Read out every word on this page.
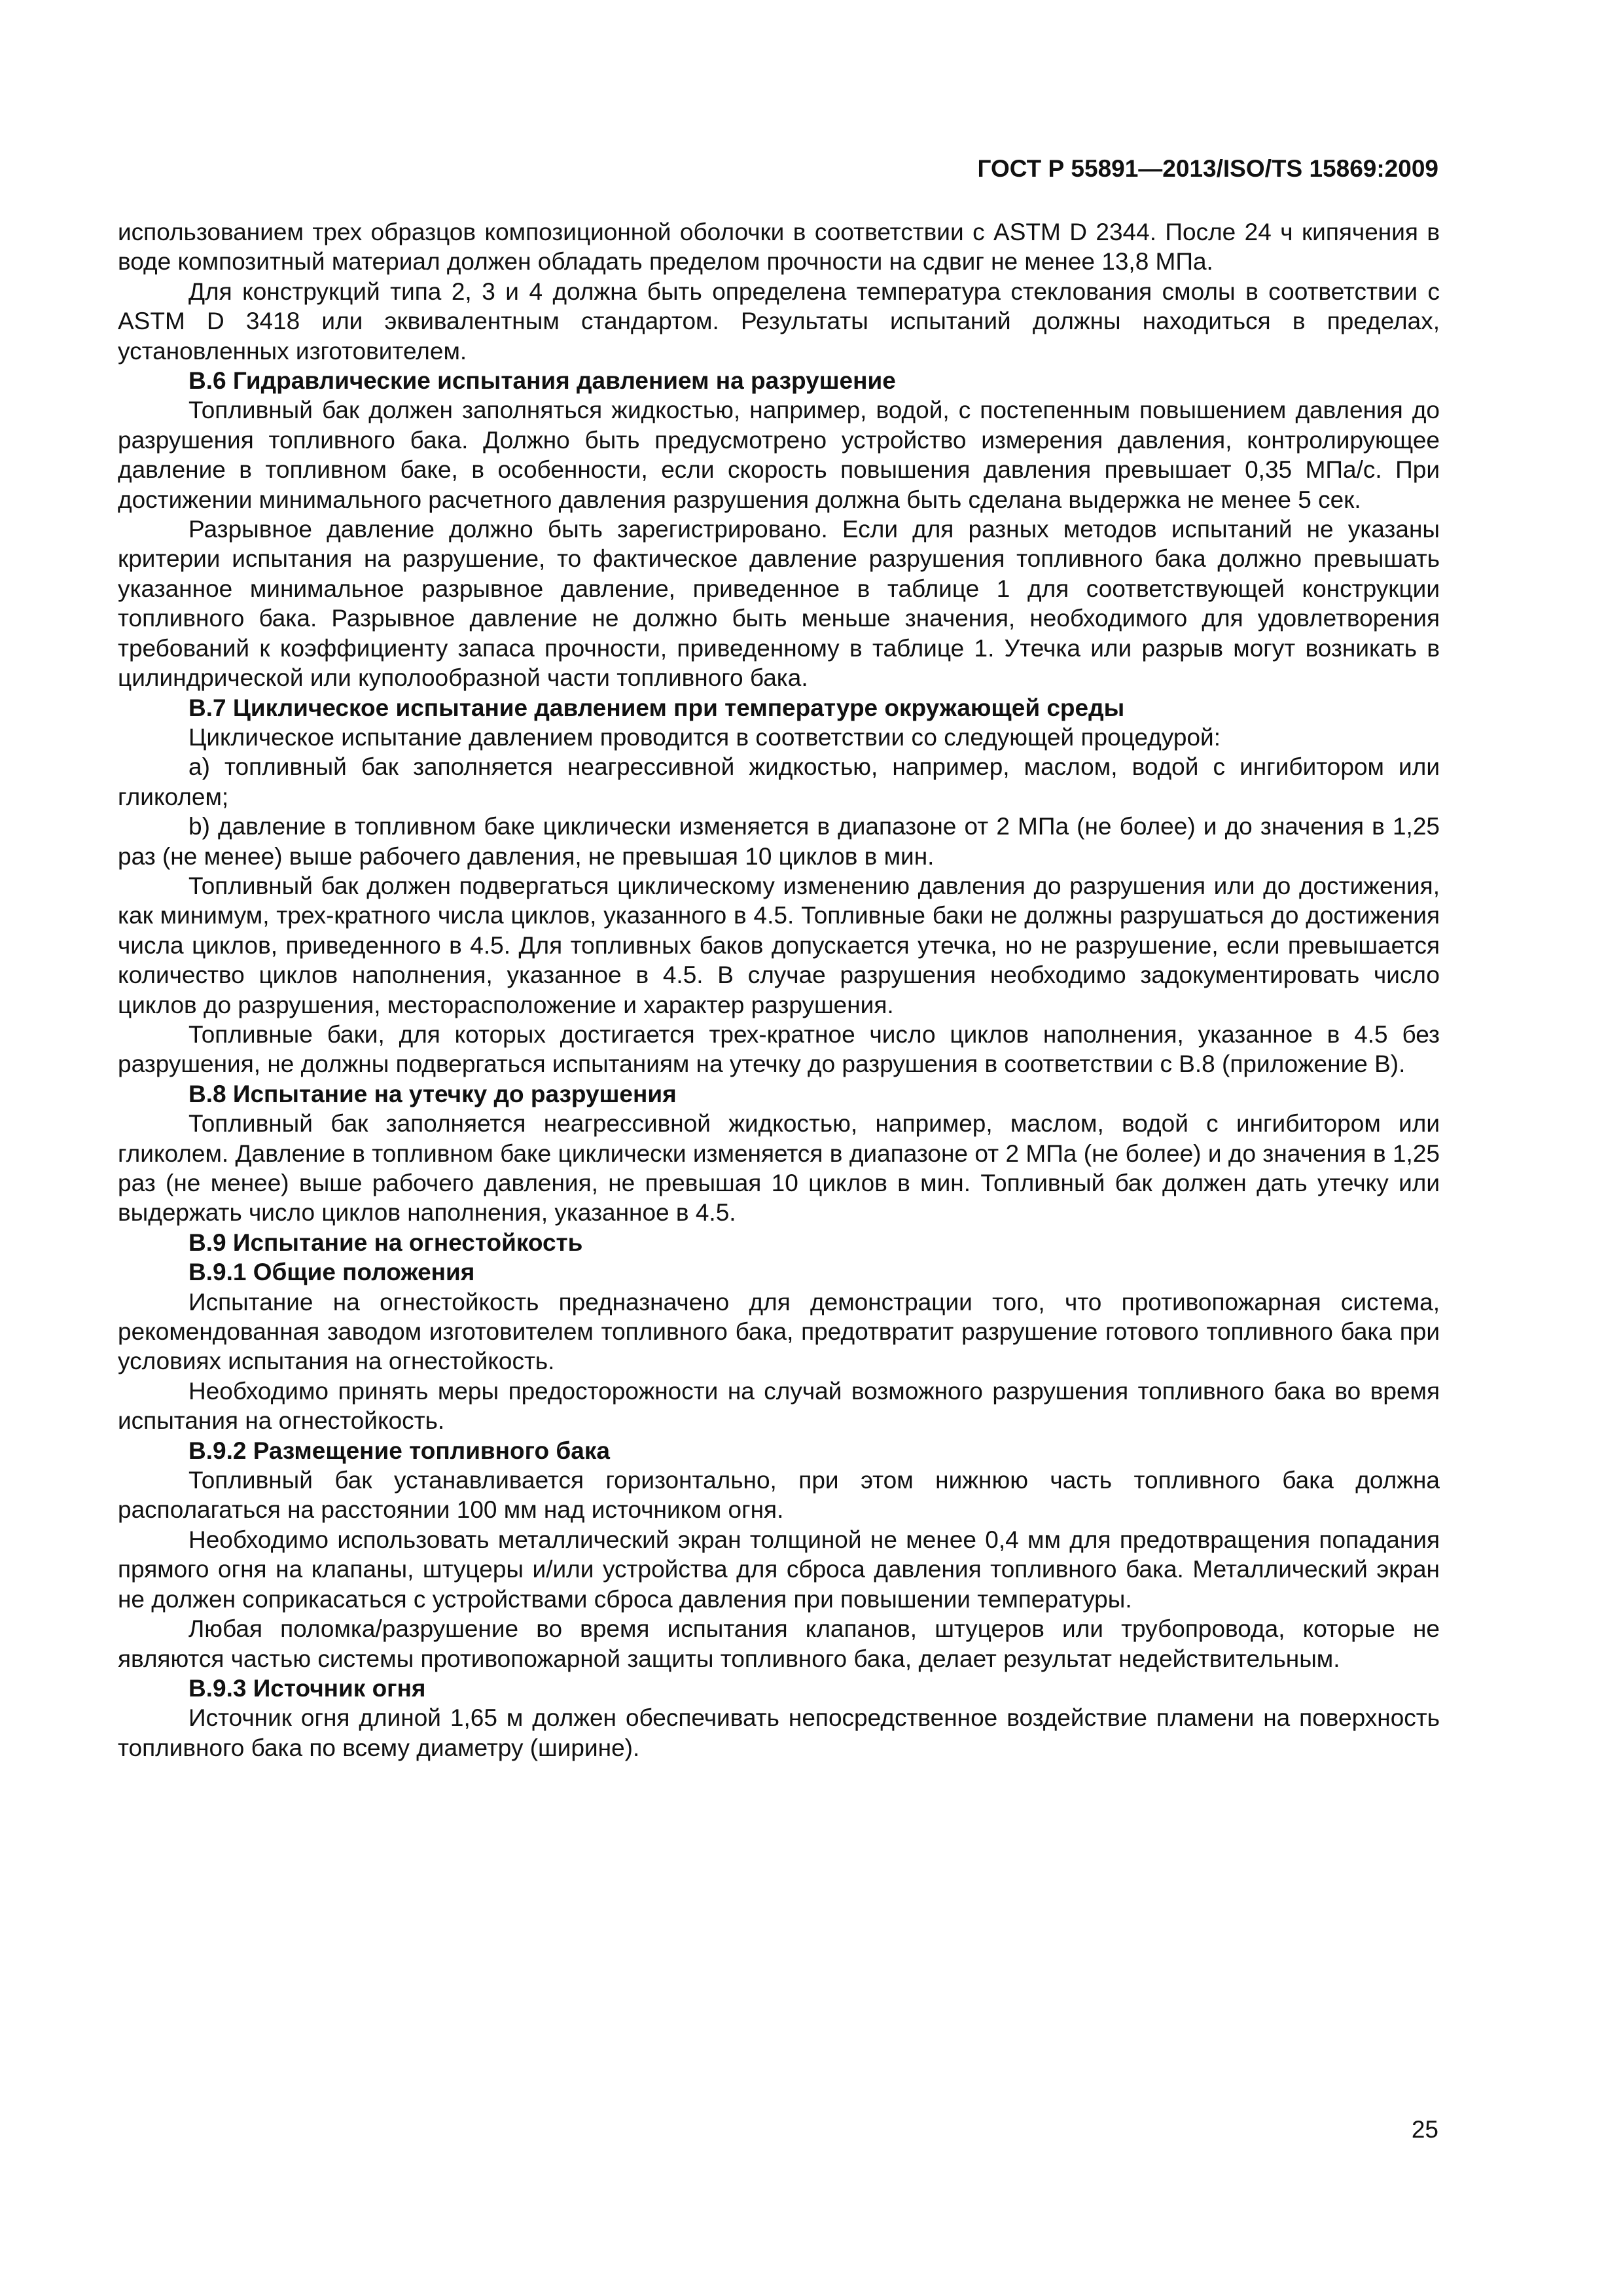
ГОСТ Р 55891—2013/ISO/TS 15869:2009

использованием трех образцов композиционной оболочки в соответствии с ASTM D 2344. После 24 ч кипячения в воде композитный материал должен обладать пределом прочности на сдвиг не менее 13,8 МПа.

Для конструкций типа 2, 3 и 4 должна быть определена температура стеклования смолы в соответствии с ASTM D 3418 или эквивалентным стандартом. Результаты испытаний должны находиться в пределах, установленных изготовителем.

В.6 Гидравлические испытания давлением на разрушение

Топливный бак должен заполняться жидкостью, например, водой, с постепенным повышением давления до разрушения топливного бака. Должно быть предусмотрено устройство измерения давления, контролирующее давление в топливном баке, в особенности, если скорость повышения давления превышает 0,35 МПа/с. При достижении минимального расчетного давления разрушения должна быть сделана выдержка не менее 5 сек.

Разрывное давление должно быть зарегистрировано. Если для разных методов испытаний не указаны критерии испытания на разрушение, то фактическое давление разрушения топливного бака должно превышать указанное минимальное разрывное давление, приведенное в таблице 1 для соответствующей конструкции топливного бака. Разрывное давление не должно быть меньше значения, необходимого для удовлетворения требований к коэффициенту запаса прочности, приведенному в таблице 1. Утечка или разрыв могут возникать в цилиндрической или куполообразной части топливного бака.

В.7 Циклическое испытание давлением при температуре окружающей среды

Циклическое испытание давлением проводится в соответствии со следующей процедурой:

а) топливный бак заполняется неагрессивной жидкостью, например, маслом, водой с ингибитором или гликолем;

b) давление в топливном баке циклически изменяется в диапазоне от 2 МПа (не более) и до значения в 1,25 раз (не менее) выше рабочего давления, не превышая 10 циклов в мин.

Топливный бак должен подвергаться циклическому изменению давления до разрушения или до достижения, как минимум, трех-кратного числа циклов, указанного в 4.5. Топливные баки не должны разрушаться до достижения числа циклов, приведенного в 4.5. Для топливных баков допускается утечка, но не разрушение, если превышается количество циклов наполнения, указанное в 4.5. В случае разрушения необходимо задокументировать число циклов до разрушения, месторасположение и характер разрушения.

Топливные баки, для которых достигается трех-кратное число циклов наполнения, указанное в 4.5 без разрушения, не должны подвергаться испытаниям на утечку до разрушения в соответствии с В.8 (приложение В).

В.8 Испытание на утечку до разрушения

Топливный бак заполняется неагрессивной жидкостью, например, маслом, водой с ингибитором или гликолем. Давление в топливном баке циклически изменяется в диапазоне от 2 МПа (не более) и до значения в 1,25 раз (не менее) выше рабочего давления, не превышая 10 циклов в мин. Топливный бак должен дать утечку или выдержать число циклов наполнения, указанное в 4.5.

В.9 Испытание на огнестойкость

В.9.1 Общие положения

Испытание на огнестойкость предназначено для демонстрации того, что противопожарная система, рекомендованная заводом изготовителем топливного бака, предотвратит разрушение готового топливного бака при условиях испытания на огнестойкость.

Необходимо принять меры предосторожности на случай возможного разрушения топливного бака во время испытания на огнестойкость.

В.9.2 Размещение топливного бака

Топливный бак устанавливается горизонтально, при этом нижнюю часть топливного бака должна располагаться на расстоянии 100 мм над источником огня.

Необходимо использовать металлический экран толщиной не менее 0,4 мм для предотвращения попадания прямого огня на клапаны, штуцеры и/или устройства для сброса давления топливного бака. Металлический экран не должен соприкасаться с устройствами сброса давления при повышении температуры.

Любая поломка/разрушение во время испытания клапанов, штуцеров или трубопровода, которые не являются частью системы противопожарной защиты топливного бака, делает результат недействительным.

В.9.3 Источник огня

Источник огня длиной 1,65 м должен обеспечивать непосредственное воздействие пламени на поверхность топливного бака по всему диаметру (ширине).

25
